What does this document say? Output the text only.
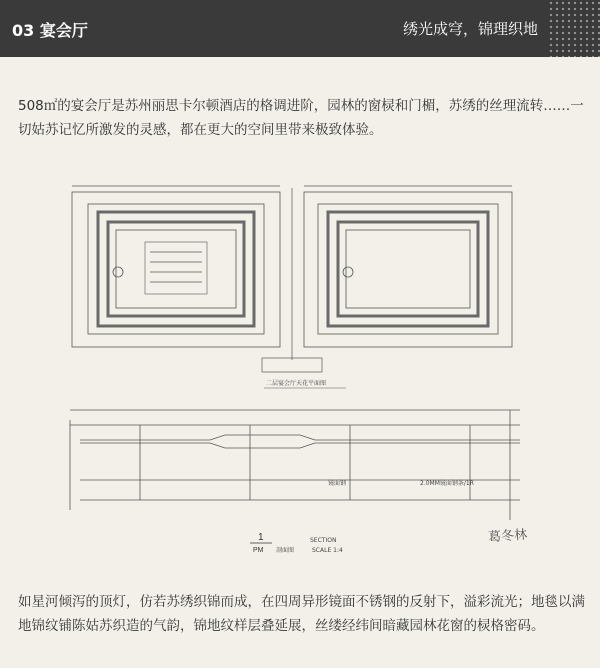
03 宴会厅	绣光成穹，锦理织地
508㎡的宴会厅是苏州丽思卡尔顿酒店的格调进阶，园林的窗棂和门楣，苏绣的丝理流转……一切姑苏记忆所激发的灵感，都在更大的空间里带来极致体验。
二层宴会厅天花平面图
镜面钢	2.0MM镜面钢条/1R
1
PM 剖面图
SECTION
SCALE 1:4
葛冬林
如星河倾泻的顶灯，仿若苏绣织锦而成，在四周异形镜面不锈钢的反射下，溢彩流光；地毯以满地锦纹铺陈姑苏织造的气韵，锦地纹样层叠延展，丝缕经纬间暗藏园林花窗的棂格密码。
